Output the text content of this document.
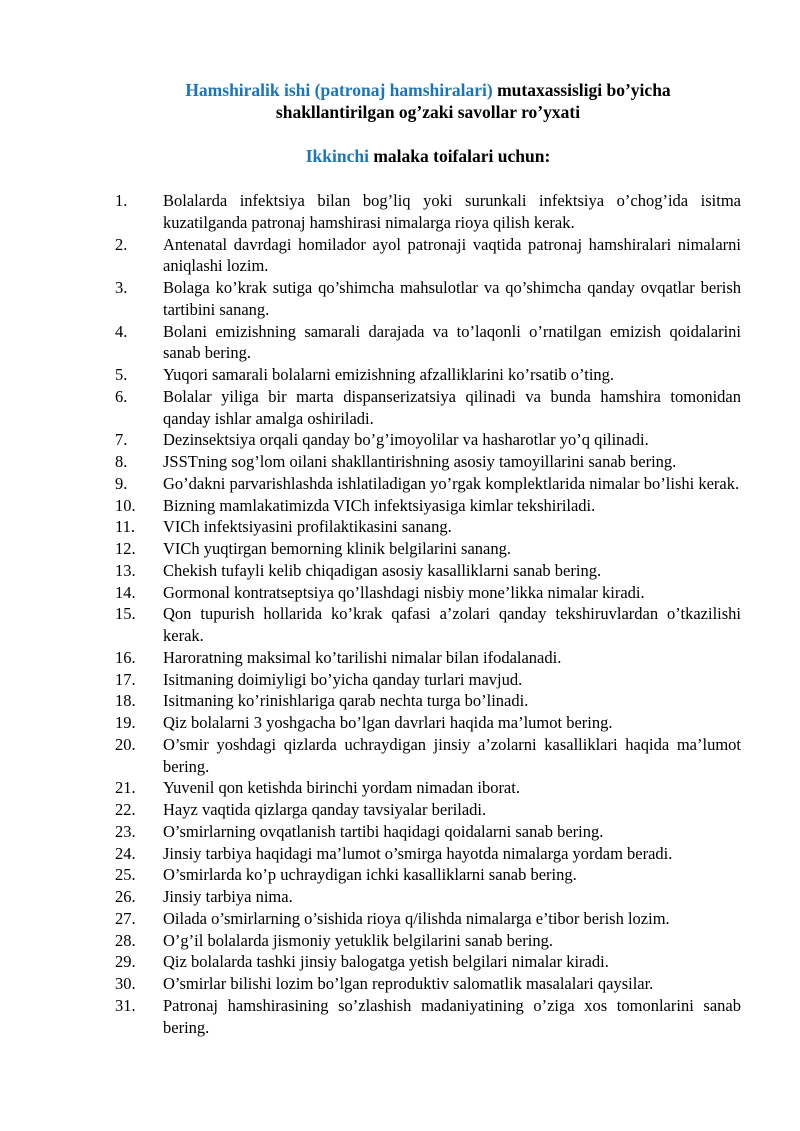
Hamshiralik ishi (patronaj hamshiralari) mutaxassisligi bo’yicha
shakllantirilgan og’zaki savollar ro’yxati
Ikkinchi malaka toifalari uchun:
1.	Bolalarda infektsiya bilan bog’liq yoki surunkali infektsiya o’chog’ida isitma kuzatilganda patronaj hamshirasi nimalarga rioya qilish kerak.
2.	Antenatal davrdagi homilador ayol patronaji vaqtida patronaj hamshiralari nimalarni aniqlashi lozim.
3.	Bolaga ko’krak sutiga qo’shimcha mahsulotlar va qo’shimcha qanday ovqatlar berish tartibini sanang.
4.	Bolani emizishning samarali darajada va to’laqonli o’rnatilgan emizish qoidalarini sanab bering.
5.	Yuqori samarali bolalarni emizishning afzalliklarini ko’rsatib o’ting.
6.	Bolalar yiliga bir marta dispanserizatsiya qilinadi va bunda hamshira tomonidan qanday ishlar amalga oshiriladi.
7.	Dezinsektsiya orqali qanday bo’g’imoyolilar va hasharotlar yo’q qilinadi.
8.	JSSTning sog’lom oilani shakllantirishning asosiy tamoyillarini sanab bering.
9.	Go’dakni parvarishlashda ishlatiladigan yo’rgak komplektlarida nimalar bo’lishi kerak.
10.	Bizning mamlakatimizda VICh infektsiyasiga kimlar tekshiriladi.
11.	VICh infektsiyasini profilaktikasini sanang.
12.	VICh yuqtirgan bemorning klinik belgilarini sanang.
13.	Chekish tufayli kelib chiqadigan asosiy kasalliklarni sanab bering.
14.	Gormonal kontratseptsiya qo’llashdagi nisbiy mone’likka nimalar kiradi.
15.	Qon tupurish hollarida ko’krak qafasi a’zolari qanday tekshiruvlardan o’tkazilishi kerak.
16.	Haroratning maksimal ko’tarilishi nimalar bilan ifodalanadi.
17.	Isitmaning doimiyligi bo’yicha qanday turlari mavjud.
18.	Isitmaning ko’rinishlariga qarab nechta turga bo’linadi.
19.	Qiz bolalarni 3 yoshgacha bo’lgan davrlari haqida ma’lumot bering.
20.	O’smir yoshdagi qizlarda uchraydigan jinsiy a’zolarni kasalliklari haqida ma’lumot bering.
21.	Yuvenil qon ketishda birinchi yordam nimadan iborat.
22.	Hayz vaqtida qizlarga qanday tavsiyalar beriladi.
23.	O’smirlarning ovqatlanish tartibi haqidagi qoidalarni sanab bering.
24.	Jinsiy tarbiya haqidagi ma’lumot o’smirga hayotda nimalarga yordam beradi.
25.	O’smirlarda ko’p uchraydigan ichki kasalliklarni sanab bering.
26.	Jinsiy tarbiya nima.
27.	Oilada o’smirlarning o’sishida rioya q/ilishda nimalarga e’tibor berish lozim.
28.	O’g’il bolalarda jismoniy yetuklik belgilarini sanab bering.
29.	Qiz bolalarda tashki jinsiy balogatga yetish belgilari nimalar kiradi.
30.	O’smirlar bilishi lozim bo’lgan reproduktiv salomatlik masalalari qaysilar.
31.	Patronaj hamshirasining so’zlashish madaniyatining o’ziga xos tomonlarini sanab bering.
